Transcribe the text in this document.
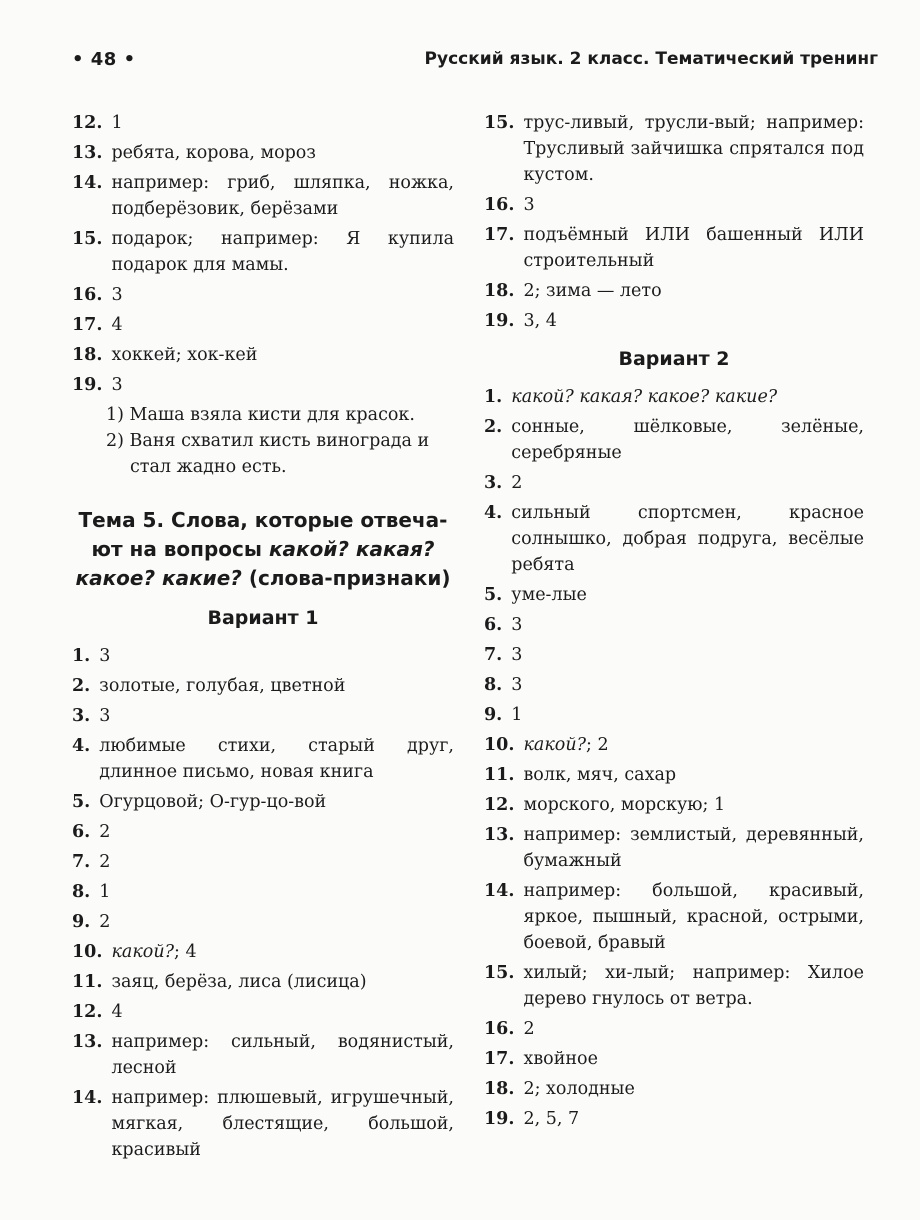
• 48 •	Русский язык. 2 класс. Тематический тренинг
12. 1
13. ребята, корова, мороз
14. например: гриб, шляпка, ножка, подберёзовик, берёзами
15. подарок; например: Я купила подарок для мамы.
16. 3
17. 4
18. хоккей; хок-кей
19. 3
1) Маша взяла кисти для красок.
2) Ваня схватил кисть винограда и стал жадно есть.
Тема 5. Слова, которые отвеча-ют на вопросы какой? какая? какое? какие? (слова-признаки)
Вариант 1
1. 3
2. золотые, голубая, цветной
3. 3
4. любимые стихи, старый друг, длинное письмо, новая книга
5. Огурцовой; О-гур-цо-вой
6. 2
7. 2
8. 1
9. 2
10. какой?; 4
11. заяц, берёза, лиса (лисица)
12. 4
13. например: сильный, водянистый, лесной
14. например: плюшевый, игрушечный, мягкая, блестящие, большой, красивый
15. трус-ливый, трусли-вый; например: Трусливый зайчишка спрятался под кустом.
16. 3
17. подъёмный ИЛИ башенный ИЛИ строительный
18. 2; зима — лето
19. 3, 4
Вариант 2
1. какой? какая? какое? какие?
2. сонные, шёлковые, зелёные, серебряные
3. 2
4. сильный спортсмен, красное солнышко, добрая подруга, весёлые ребята
5. уме-лые
6. 3
7. 3
8. 3
9. 1
10. какой?; 2
11. волк, мяч, сахар
12. морского, морскую; 1
13. например: землистый, деревянный, бумажный
14. например: большой, красивый, яркое, пышный, красной, острыми, боевой, бравый
15. хилый; хи-лый; например: Хилое дерево гнулось от ветра.
16. 2
17. хвойное
18. 2; холодные
19. 2, 5, 7
